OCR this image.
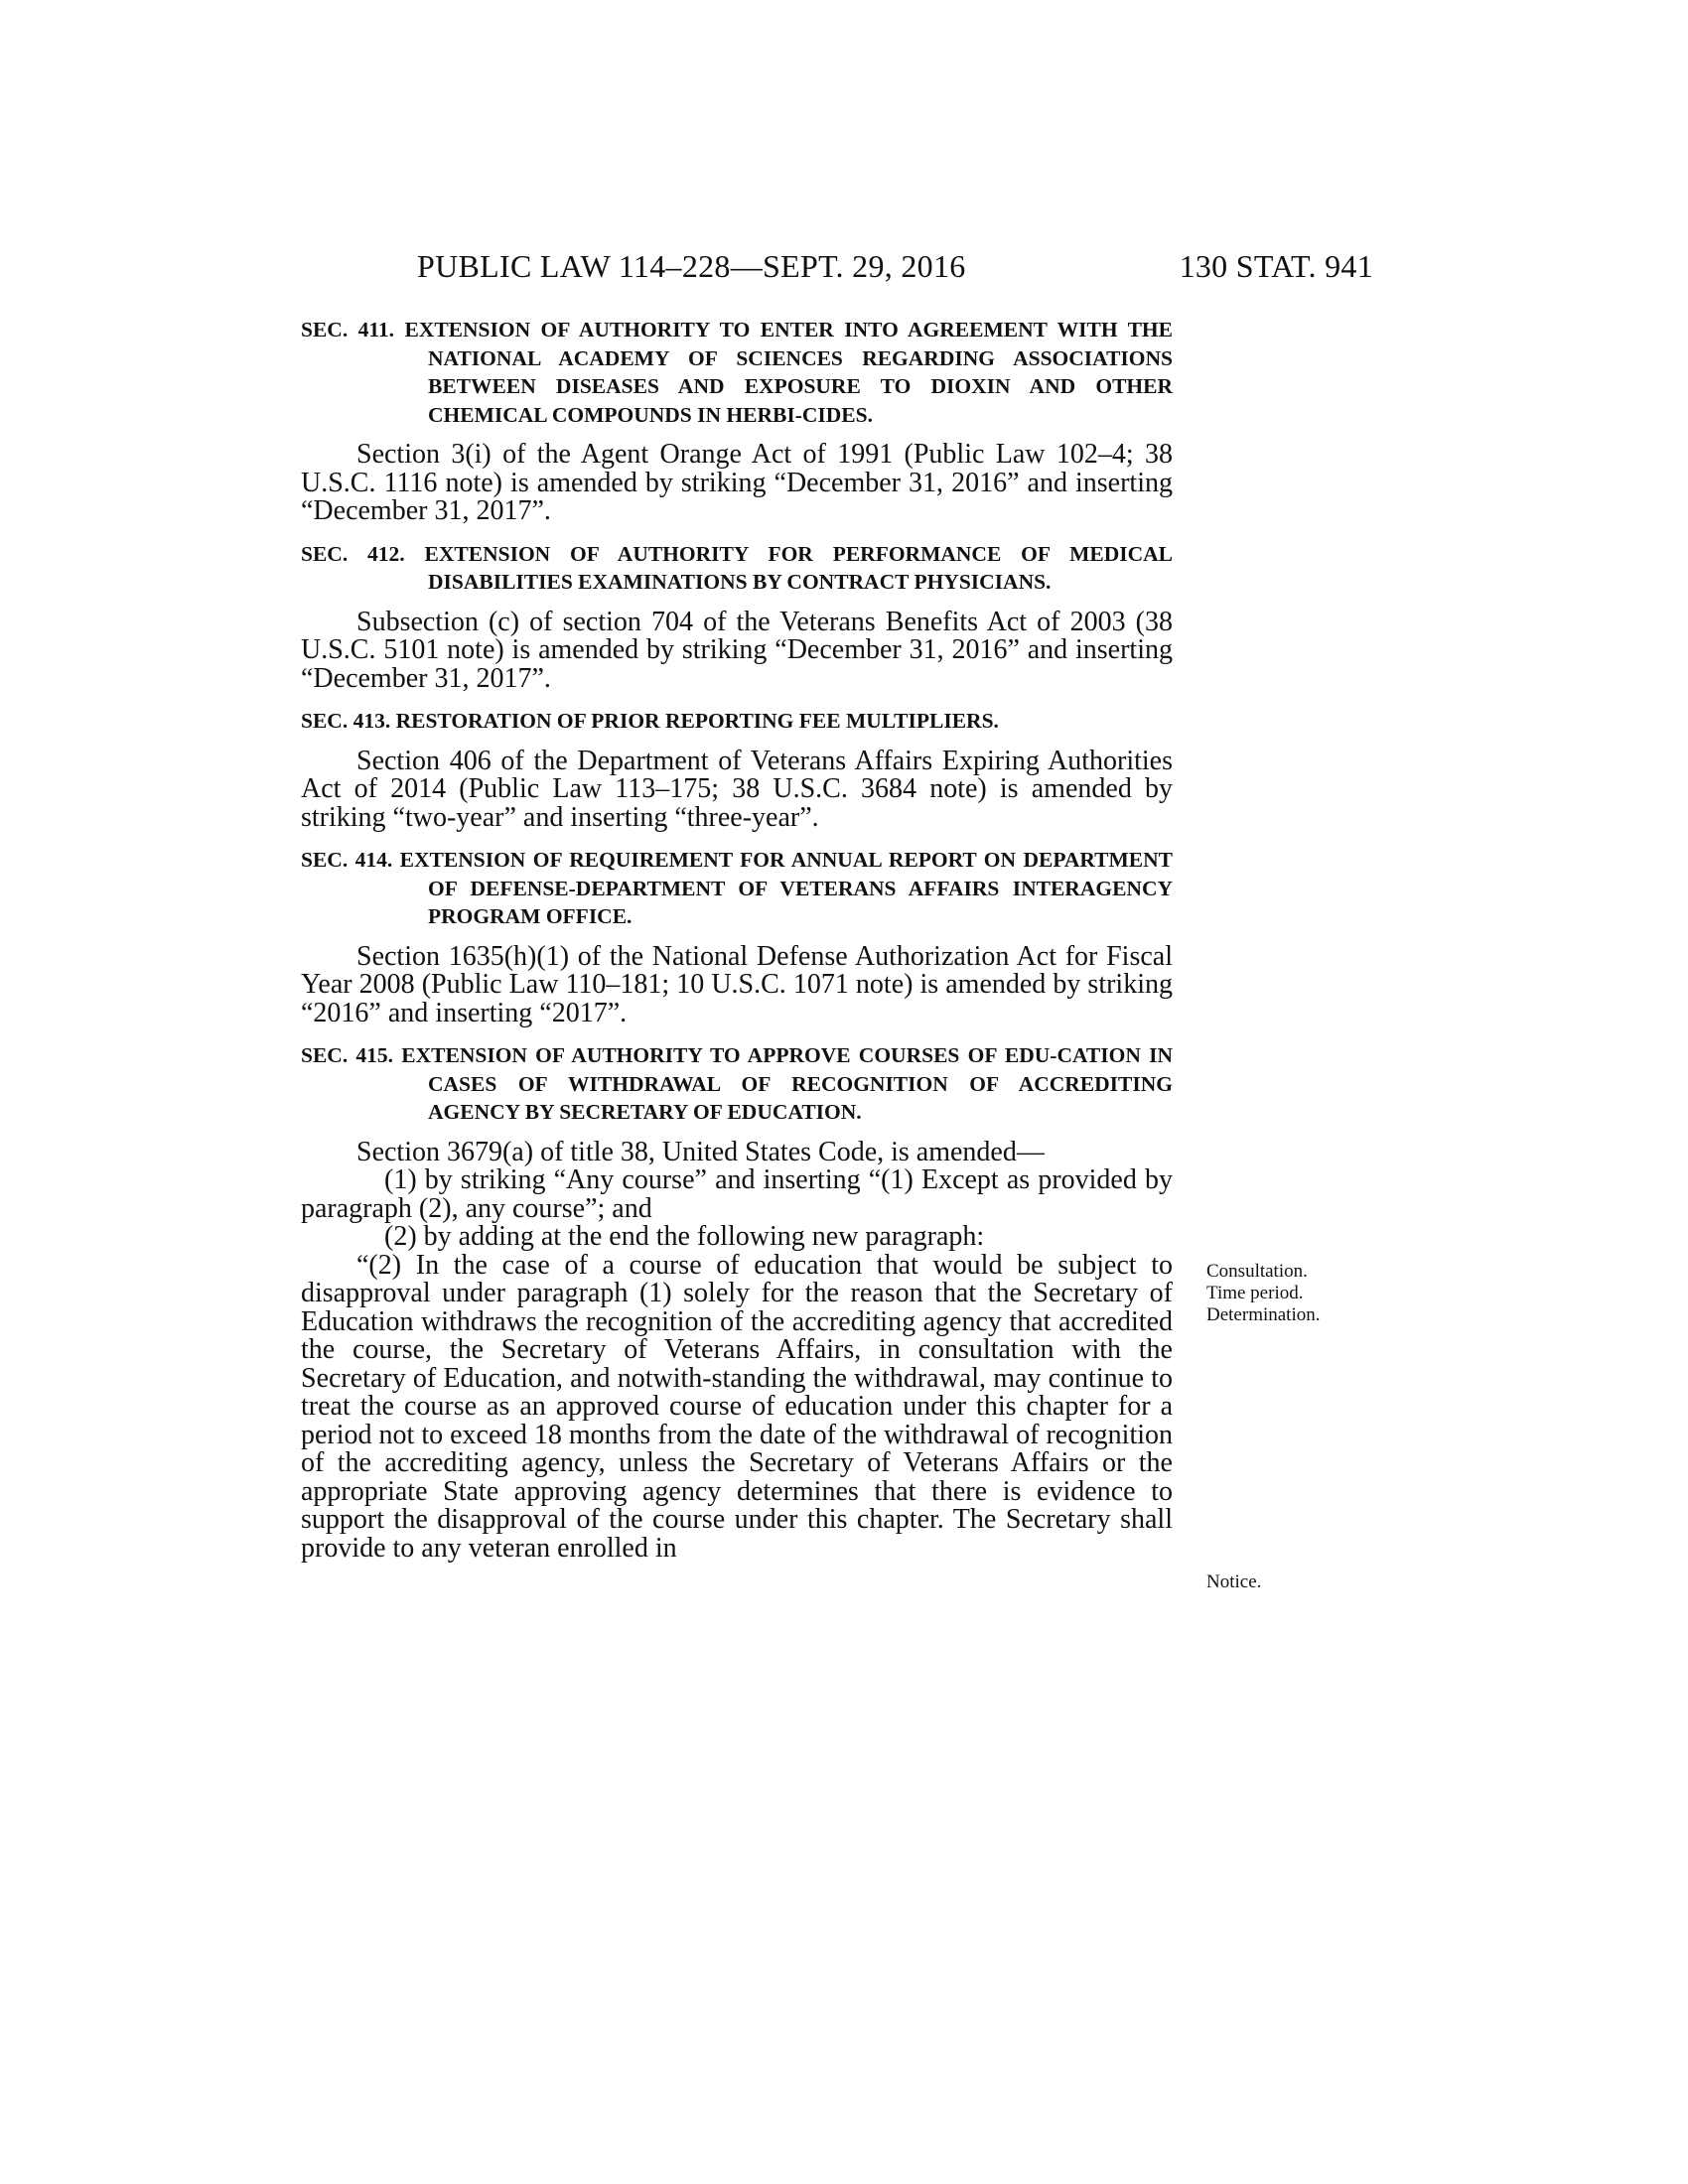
PUBLIC LAW 114–228—SEPT. 29, 2016	130 STAT. 941

SEC. 411. EXTENSION OF AUTHORITY TO ENTER INTO AGREEMENT WITH THE NATIONAL ACADEMY OF SCIENCES REGARDING ASSOCIATIONS BETWEEN DISEASES AND EXPOSURE TO DIOXIN AND OTHER CHEMICAL COMPOUNDS IN HERBI-CIDES.

Section 3(i) of the Agent Orange Act of 1991 (Public Law 102–4; 38 U.S.C. 1116 note) is amended by striking “December 31, 2016” and inserting “December 31, 2017”.

SEC. 412. EXTENSION OF AUTHORITY FOR PERFORMANCE OF MEDICAL DISABILITIES EXAMINATIONS BY CONTRACT PHYSICIANS.

Subsection (c) of section 704 of the Veterans Benefits Act of 2003 (38 U.S.C. 5101 note) is amended by striking “December 31, 2016” and inserting “December 31, 2017”.

SEC. 413. RESTORATION OF PRIOR REPORTING FEE MULTIPLIERS.

Section 406 of the Department of Veterans Affairs Expiring Authorities Act of 2014 (Public Law 113–175; 38 U.S.C. 3684 note) is amended by striking “two-year” and inserting “three-year”.

SEC. 414. EXTENSION OF REQUIREMENT FOR ANNUAL REPORT ON DEPARTMENT OF DEFENSE-DEPARTMENT OF VETERANS AFFAIRS INTERAGENCY PROGRAM OFFICE.

Section 1635(h)(1) of the National Defense Authorization Act for Fiscal Year 2008 (Public Law 110–181; 10 U.S.C. 1071 note) is amended by striking “2016” and inserting “2017”.

SEC. 415. EXTENSION OF AUTHORITY TO APPROVE COURSES OF EDU-CATION IN CASES OF WITHDRAWAL OF RECOGNITION OF ACCREDITING AGENCY BY SECRETARY OF EDUCATION.

Section 3679(a) of title 38, United States Code, is amended—

(1) by striking “Any course” and inserting “(1) Except as provided by paragraph (2), any course”; and

(2) by adding at the end the following new paragraph:

“(2) In the case of a course of education that would be subject to disapproval under paragraph (1) solely for the reason that the Secretary of Education withdraws the recognition of the accrediting agency that accredited the course, the Secretary of Veterans Affairs, in consultation with the Secretary of Education, and notwith-standing the withdrawal, may continue to treat the course as an approved course of education under this chapter for a period not to exceed 18 months from the date of the withdrawal of recognition of the accrediting agency, unless the Secretary of Veterans Affairs or the appropriate State approving agency determines that there is evidence to support the disapproval of the course under this chapter. The Secretary shall provide to any veteran enrolled in

Consultation.
Time period.
Determination.
Notice.
